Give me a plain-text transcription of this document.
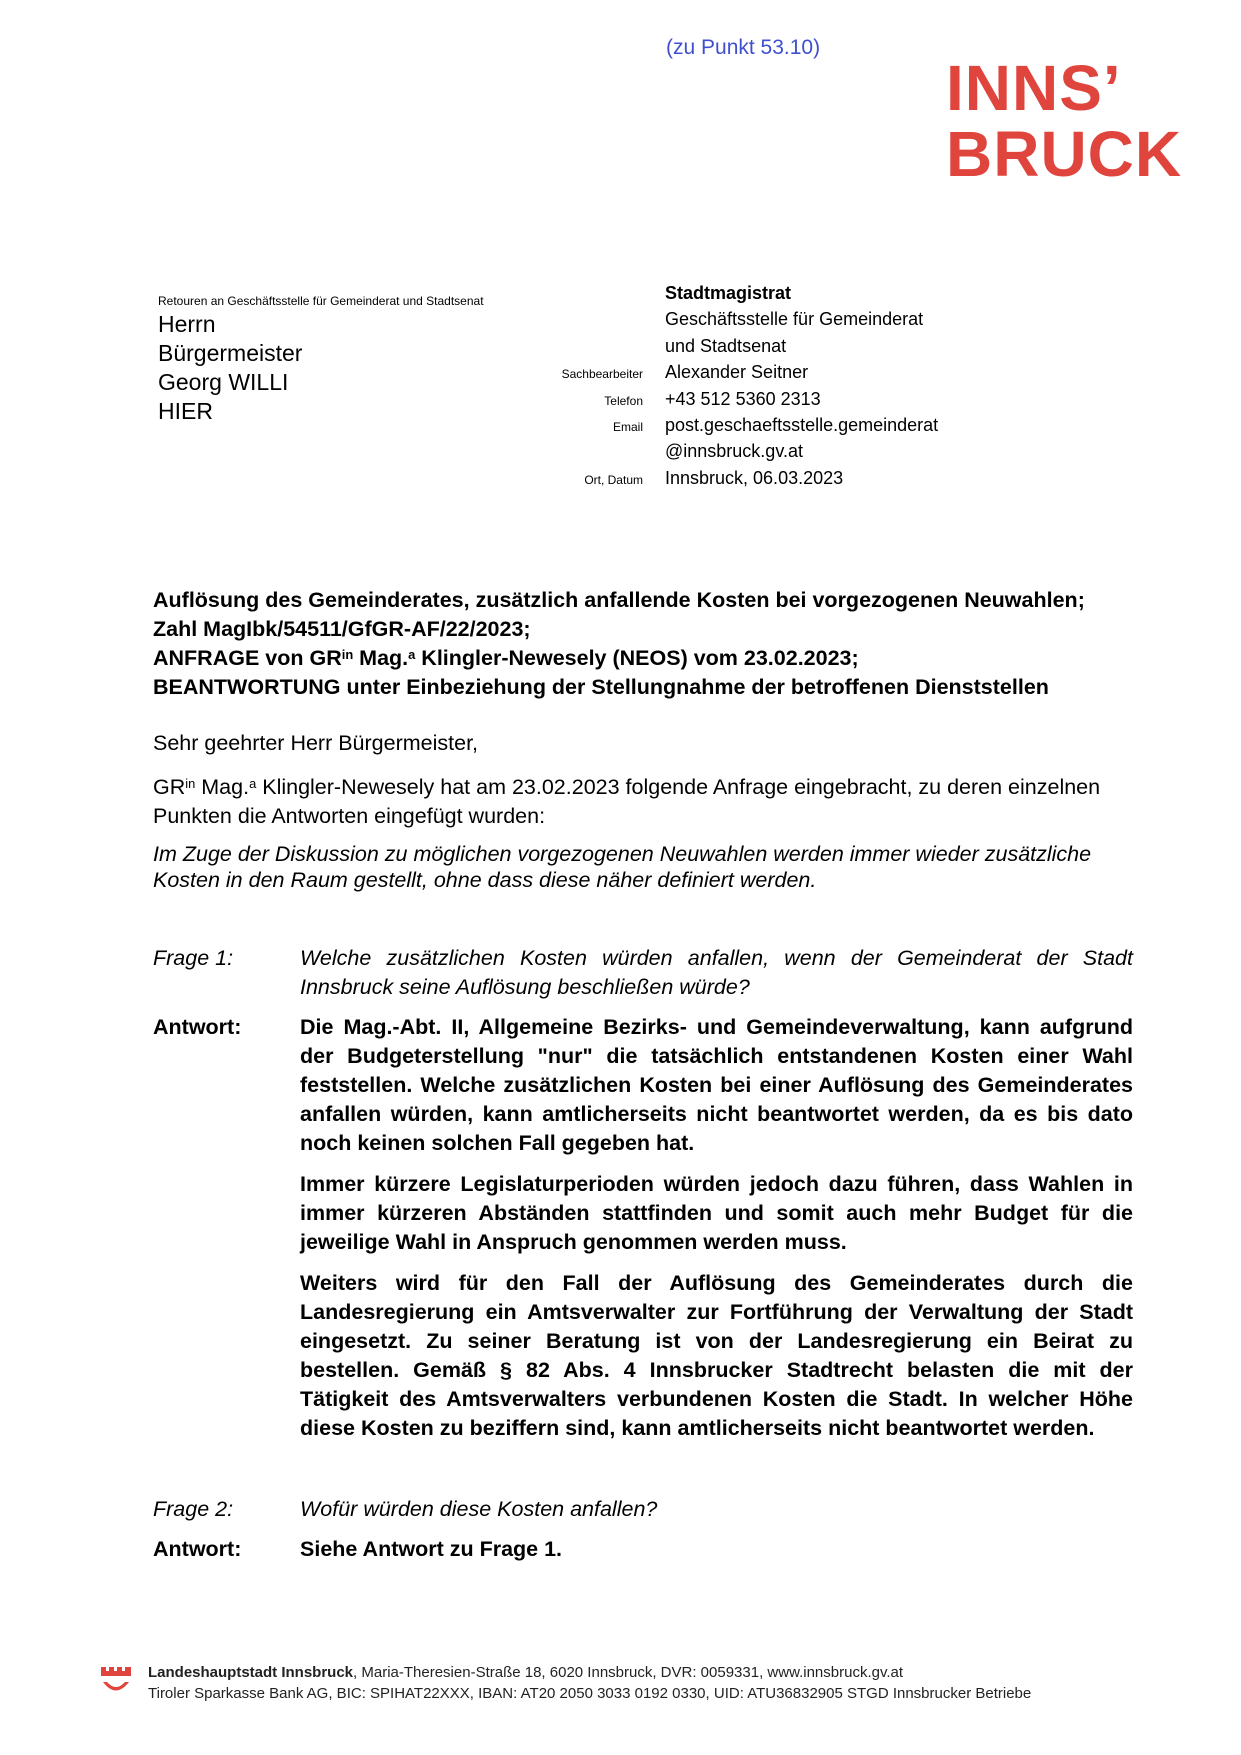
(zu Punkt 53.10)
INNS’
BRUCK
Retouren an Geschäftsstelle für Gemeinderat und Stadtsenat
Herrn
Bürgermeister
Georg WILLI
HIER
Stadtmagistrat
Geschäftsstelle für Gemeinderat
und Stadtsenat
Sachbearbeiter	Alexander Seitner
Telefon	+43 512 5360 2313
Email	post.geschaeftsstelle.gemeinderat
@innsbruck.gv.at
Ort, Datum	Innsbruck, 06.03.2023
Auflösung des Gemeinderates, zusätzlich anfallende Kosten bei vorgezogenen Neuwahlen;
Zahl MagIbk/54511/GfGR-AF/22/2023;
ANFRAGE von $GR^{in}$ Mag.$^a$ Klingler-Newesely (NEOS) vom 23.02.2023;
BEANTWORTUNG unter Einbeziehung der Stellungnahme der betroffenen Dienststellen
Sehr geehrter Herr Bürgermeister,
$GR^{in}$ Mag.$^a$ Klingler-Newesely hat am 23.02.2023 folgende Anfrage eingebracht, zu deren einzelnen Punkten die Antworten eingefügt wurden:
Im Zuge der Diskussion zu möglichen vorgezogenen Neuwahlen werden immer wieder zusätzliche Kosten in den Raum gestellt, ohne dass diese näher definiert werden.
Frage 1:	Welche zusätzlichen Kosten würden anfallen, wenn der Gemeinderat der Stadt Innsbruck seine Auflösung beschließen würde?
Antwort:	Die Mag.-Abt. II, Allgemeine Bezirks- und Gemeindeverwaltung, kann aufgrund der Budgeterstellung "nur" die tatsächlich entstandenen Kosten einer Wahl feststellen. Welche zusätzlichen Kosten bei einer Auflösung des Gemeinderates anfallen würden, kann amtlicherseits nicht beantwortet werden, da es bis dato noch keinen solchen Fall gegeben hat.

Immer kürzere Legislaturperioden würden jedoch dazu führen, dass Wahlen in immer kürzeren Abständen stattfinden und somit auch mehr Budget für die jeweilige Wahl in Anspruch genommen werden muss.

Weiters wird für den Fall der Auflösung des Gemeinderates durch die Landesregierung ein Amtsverwalter zur Fortführung der Verwaltung der Stadt eingesetzt. Zu seiner Beratung ist von der Landesregierung ein Beirat zu bestellen. Gemäß § 82 Abs. 4 Innsbrucker Stadtrecht belasten die mit der Tätigkeit des Amtsverwalters verbundenen Kosten die Stadt. In welcher Höhe diese Kosten zu beziffern sind, kann amtlicherseits nicht beantwortet werden.

Frage 2:	Wofür würden diese Kosten anfallen?
Antwort:	Siehe Antwort zu Frage 1.
Landeshauptstadt Innsbruck, Maria-Theresien-Straße 18, 6020 Innsbruck, DVR: 0059331, www.innsbruck.gv.at
Tiroler Sparkasse Bank AG, BIC: SPIHAT22XXX, IBAN: AT20 2050 3033 0192 0330, UID: ATU36832905 STGD Innsbrucker Betriebe
